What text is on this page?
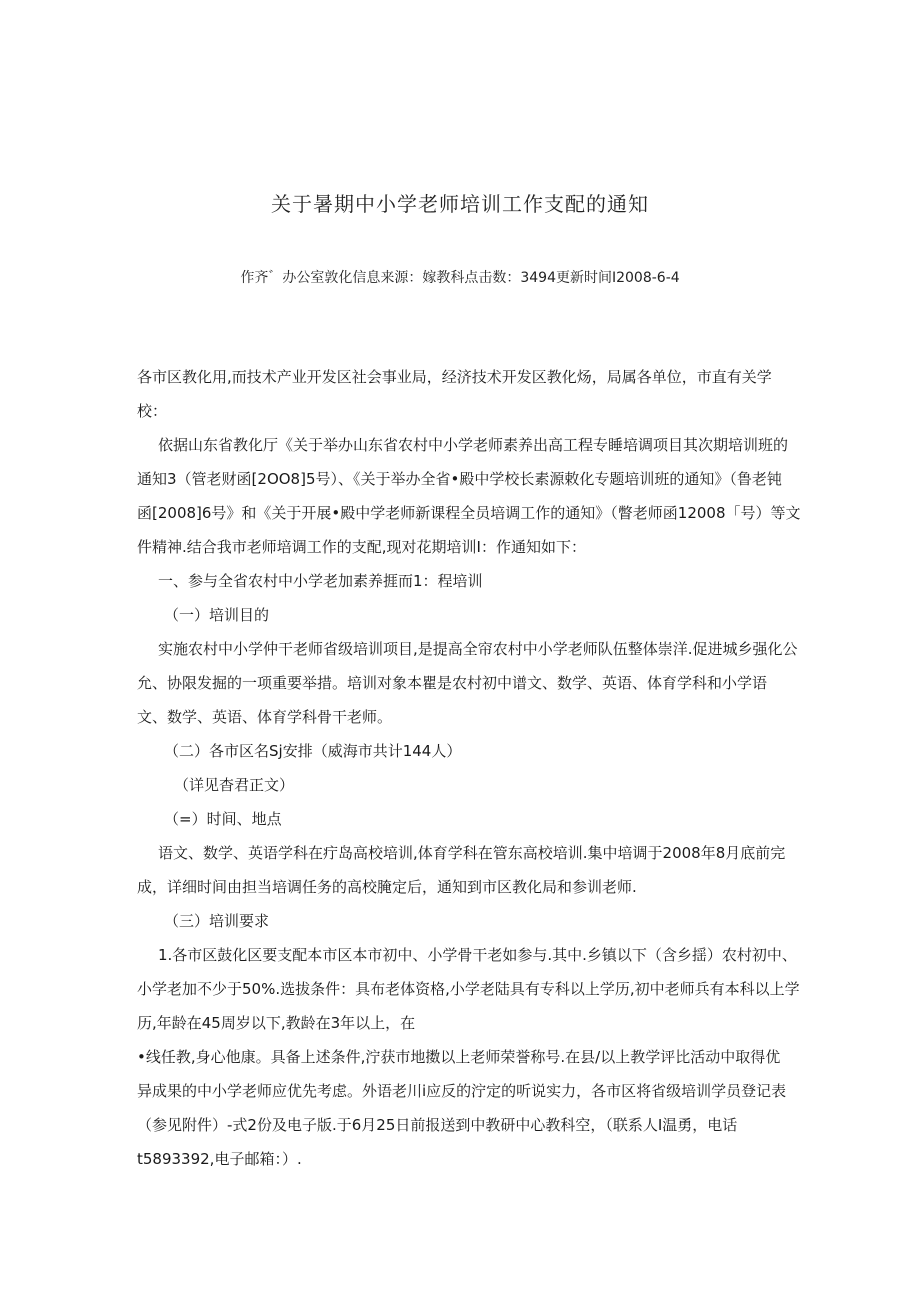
关于暑期中小学老师培训工作支配的通知
作齐゛办公室敦化信息来源：嫁教科点击数：3494更新时间I2008-6-4
各市区教化用,而技术产业开发区社会事业局，经济技术开发区教化炀，局属各单位，市直有关学
校：
依据山东省教化厅《关于举办山东省农村中小学老师素养出高工程专睡培调项目其次期培训班的
通知3（管老财函[2OO8]5号）、《关于举办全省•殿中学校长素源敕化专题培训班的通知》（鲁老钝
函[2008]6号》和《关于开展•殿中学老师新课程全员培调工作的通知》（瞥老师函12008「号）等文
件精神.结合我市老师培调工作的支配,现对花期培训I：作通知如下：
一、参与全省农村中小学老加素养捱而1：程培训
（一）培训目的
实施农村中小学仲干老师省级培训项目,是提高全帘农村中小学老师队伍整体崇洋.促进城乡强化公
允、协限发掘的一项重要举措。培训对象本瞿是农村初中谱文、数学、英语、体育学科和小学语
文、数学、英语、体育学科骨干老师。
（二）各市区名Sj安排（威海市共计144人）
（详见杳君正文）
（=）时间、地点
语文、数学、英语学科在疔岛高校培训,体育学科在管东高校培训.集中培调于2008年8月底前完
成，详细时间由担当培调任务的高校腌定后，通知到市区教化局和参训老师.
（三）培训要求
1.各市区鼓化区要支配本市区本市初中、小学骨干老如参与.其中.乡镇以下（含乡揺）农村初中、
小学老加不少于50%.选拔条件：具布老体资格,小学老陆具有专科以上学历,初中老师兵有本科以上学
历,年龄在45周岁以下,教龄在3年以上，在
•线任教,身心他康。具备上述条件,泞获巿地擞以上老师荣誉称号.在县/以上教学评比活动中取得优
异成果的中小学老师应优先考虑。外语老川i应反的泞定的听说实力，各市区将省级培训学员登记表
（参见附件）-式2份及电子版.于6月25日前报送到中教研中心教科空，（联系人I温勇，电话
t5893392,电子邮箱：）.
